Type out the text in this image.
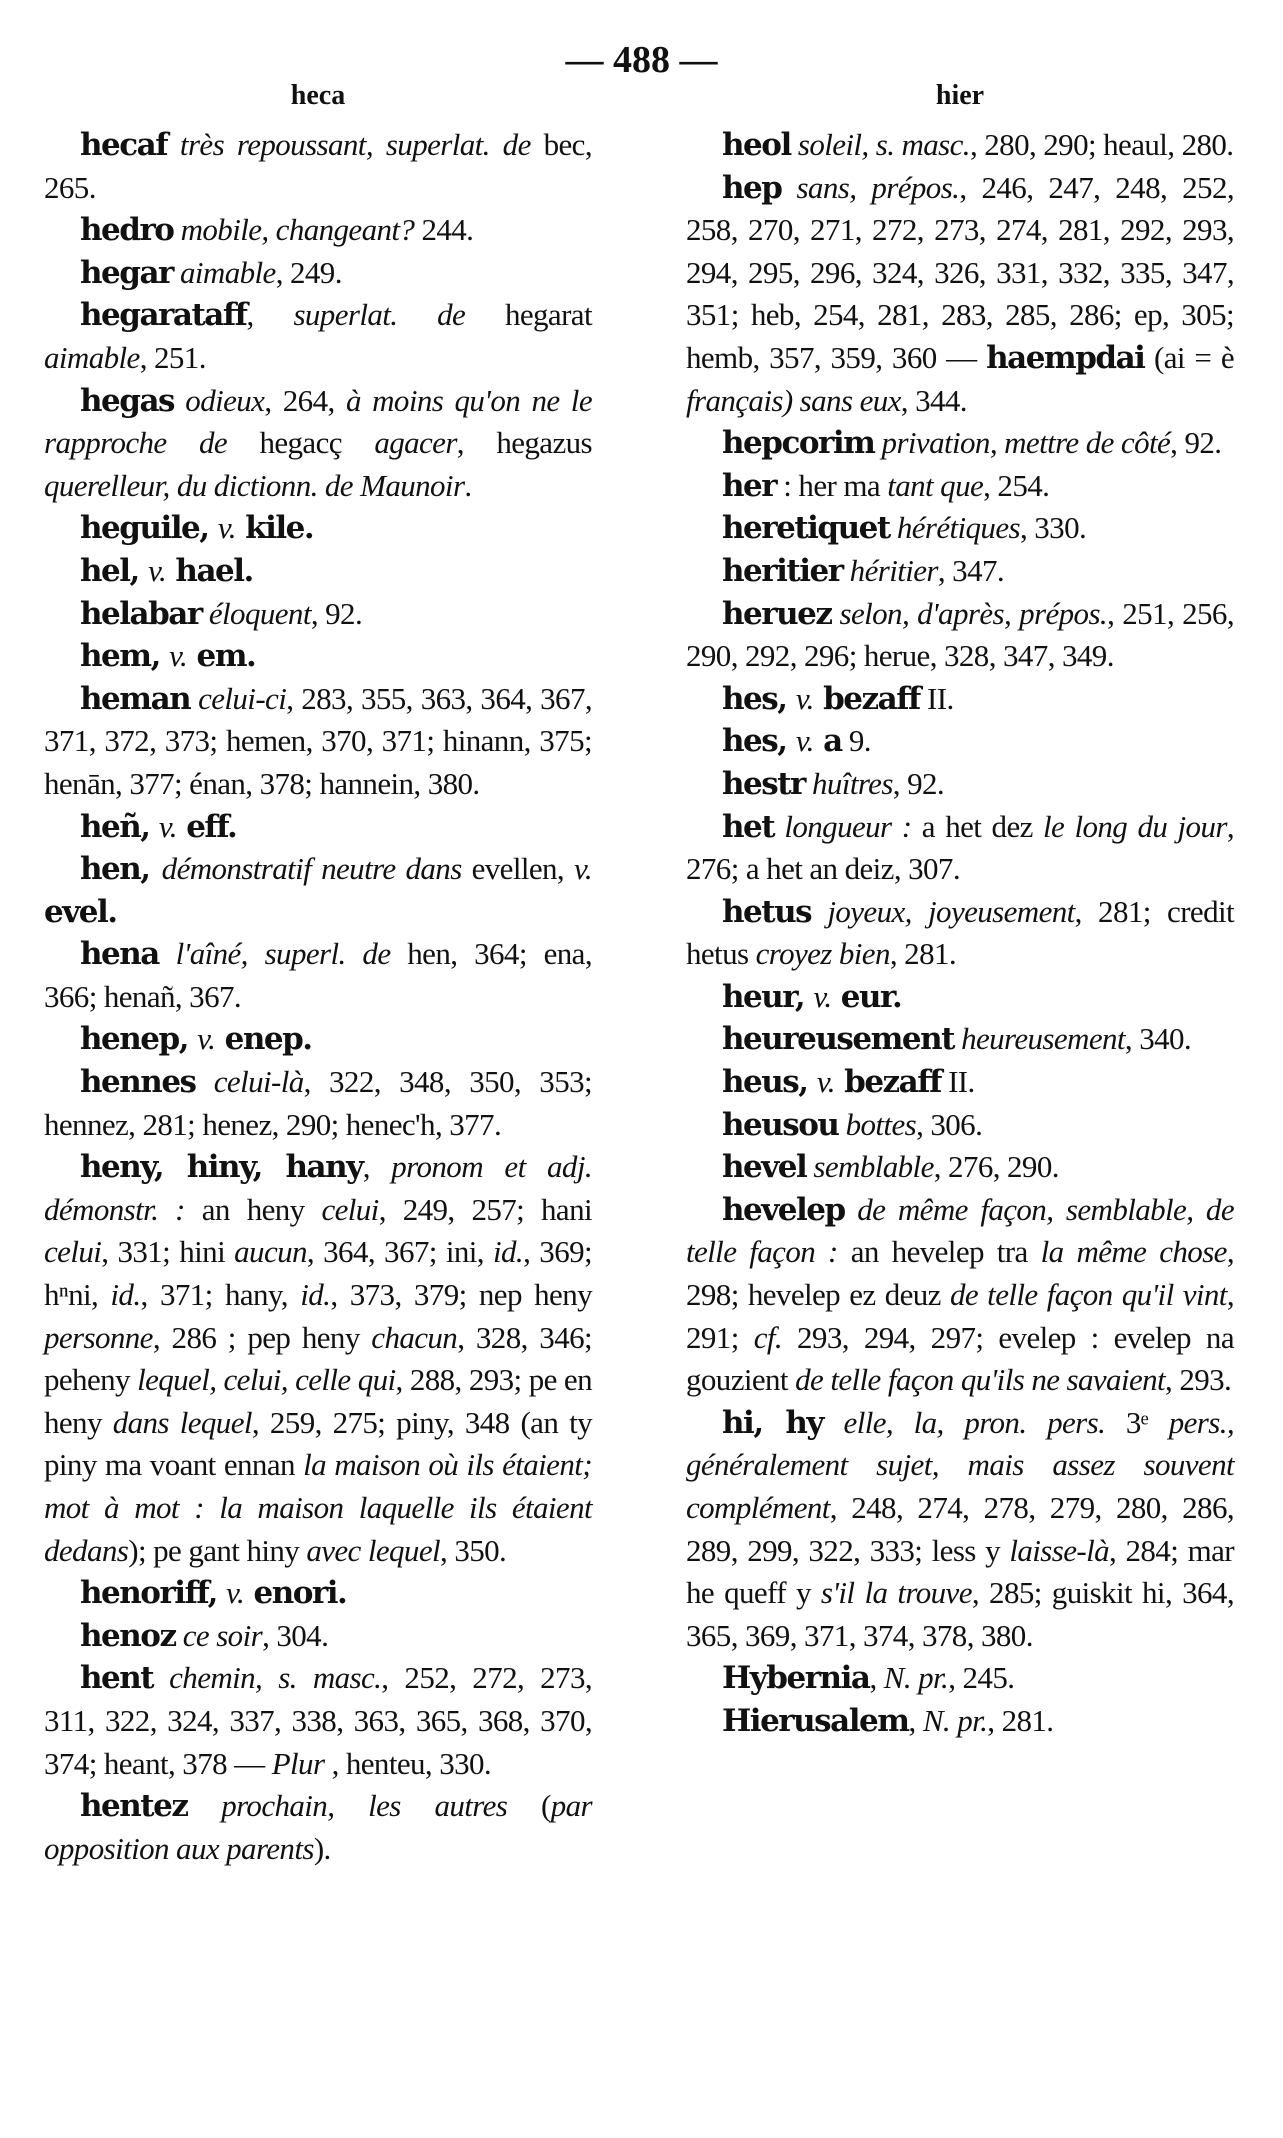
— 488 —
heca	hier

hecaf très repoussant, superlat. de bec, 265.

hedro mobile, changeant? 244.

hegar aimable, 249.

hegarataff, superlat. de hegarat aimable, 251.

hegas odieux, 264, à moins qu'on ne le rapproche de hegacç agacer, hegazus querelleur, du dictionn. de Maunoir.

heguile, v. kile.

hel, v. hael.

helabar éloquent, 92.

hem, v. em.

heman celui-ci, 283, 355, 363, 364, 367, 371, 372, 373; hemen, 370, 371; hinann, 375; henān, 377; énan, 378; hannein, 380.

heñ, v. eff.

hen, démonstratif neutre dans evellen, v. evel.

hena l'aîné, superl. de hen, 364; ena, 366; henañ, 367.

henep, v. enep.

hennes celui-là, 322, 348, 350, 353; hennez, 281; henez, 290; henec'h, 377.

heny, hiny, hany, pronom et adj. démonstr. : an heny celui, 249, 257; hani celui, 331; hini aucun, 364, 367; ini, id., 369; hⁿni, id., 371; hany, id., 373, 379; nep heny personne, 286 ; pep heny chacun, 328, 346; peheny lequel, celui, celle qui, 288, 293; pe en heny dans lequel, 259, 275; piny, 348 (an ty piny ma voant ennan la maison où ils étaient; mot à mot : la maison laquelle ils étaient dedans); pe gant hiny avec lequel, 350.

henoriff, v. enori.

henoz ce soir, 304.

hent chemin, s. masc., 252, 272, 273, 311, 322, 324, 337, 338, 363, 365, 368, 370, 374; heant, 378 — Plur , henteu, 330.

hentez prochain, les autres (par opposition aux parents).

heol soleil, s. masc., 280, 290; heaul, 280.

hep sans, prépos., 246, 247, 248, 252, 258, 270, 271, 272, 273, 274, 281, 292, 293, 294, 295, 296, 324, 326, 331, 332, 335, 347, 351; heb, 254, 281, 283, 285, 286; ep, 305; hemb, 357, 359, 360 — haempdai (ai = è français) sans eux, 344.

hepcorim privation, mettre de côté, 92.

her : her ma tant que, 254.

heretiquet hérétiques, 330.

heritier héritier, 347.

heruez selon, d'après, prépos., 251, 256, 290, 292, 296; herue, 328, 347, 349.

hes, v. bezaff II.

hes, v. a 9.

hestr huîtres, 92.

het longueur : a het dez le long du jour, 276; a het an deiz, 307.

hetus joyeux, joyeusement, 281; credit hetus croyez bien, 281.

heur, v. eur.

heureusement heureusement, 340.

heus, v. bezaff II.

heusou bottes, 306.

hevel semblable, 276, 290.

hevelep de même façon, semblable, de telle façon : an hevelep tra la même chose, 298; hevelep ez deuz de telle façon qu'il vint, 291; cf. 293, 294, 297; evelep : evelep na gouzient de telle façon qu'ils ne savaient, 293.

hi, hy elle, la, pron. pers. 3ᵉ pers., généralement sujet, mais assez souvent complément, 248, 274, 278, 279, 280, 286, 289, 299, 322, 333; less y laisse-là, 284; mar he queff y s'il la trouve, 285; guiskit hi, 364, 365, 369, 371, 374, 378, 380.

Hybernia, N. pr., 245.

Hierusalem, N. pr., 281.
